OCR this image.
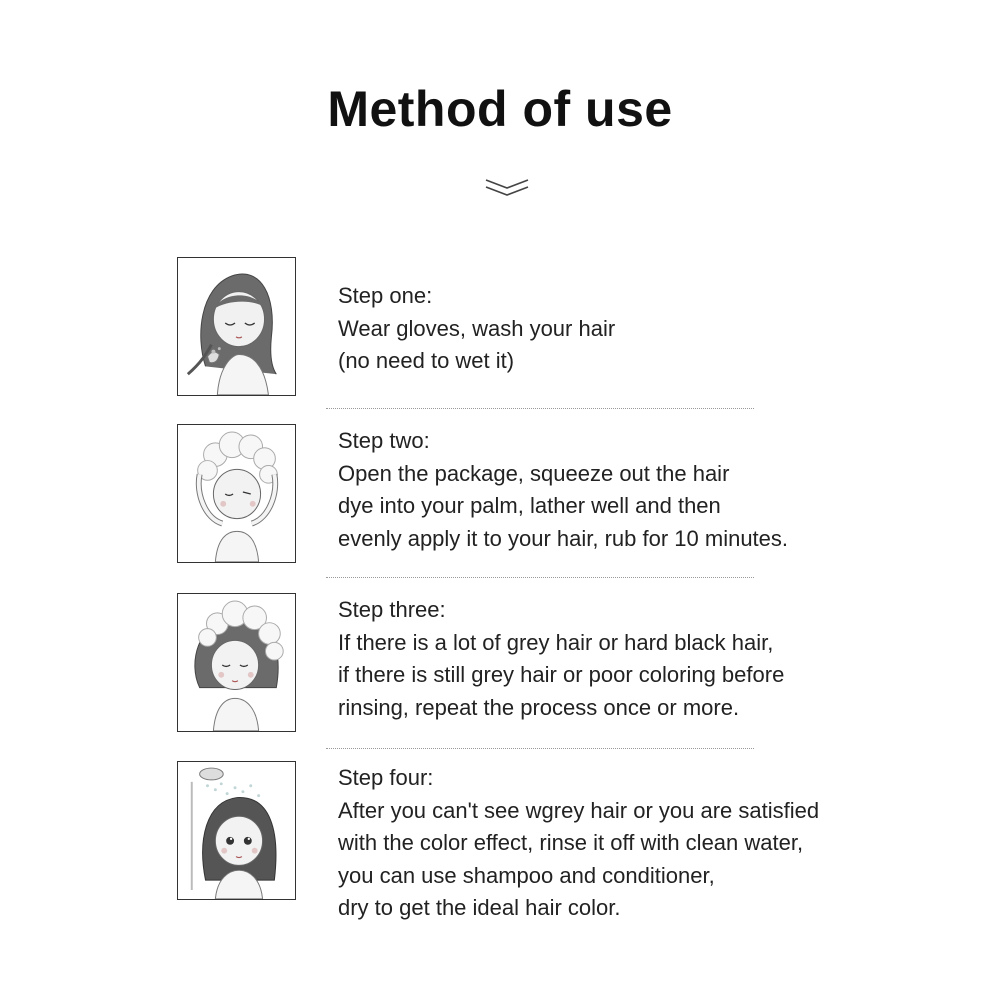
Method of use
Step one:
Wear gloves, wash your hair
(no need to wet it)
Step two:
Open the package, squeeze out the hair
dye into your palm, lather well and then
evenly apply it to your hair, rub for 10 minutes.
Step three:
If there is a lot of grey hair or hard black hair,
if there is still grey hair or poor coloring before
rinsing, repeat the process once or more.
Step four:
After you can't see wgrey hair or you are satisfied
with the color effect, rinse it off with clean water,
you can use shampoo and conditioner,
dry to get the ideal hair color.
